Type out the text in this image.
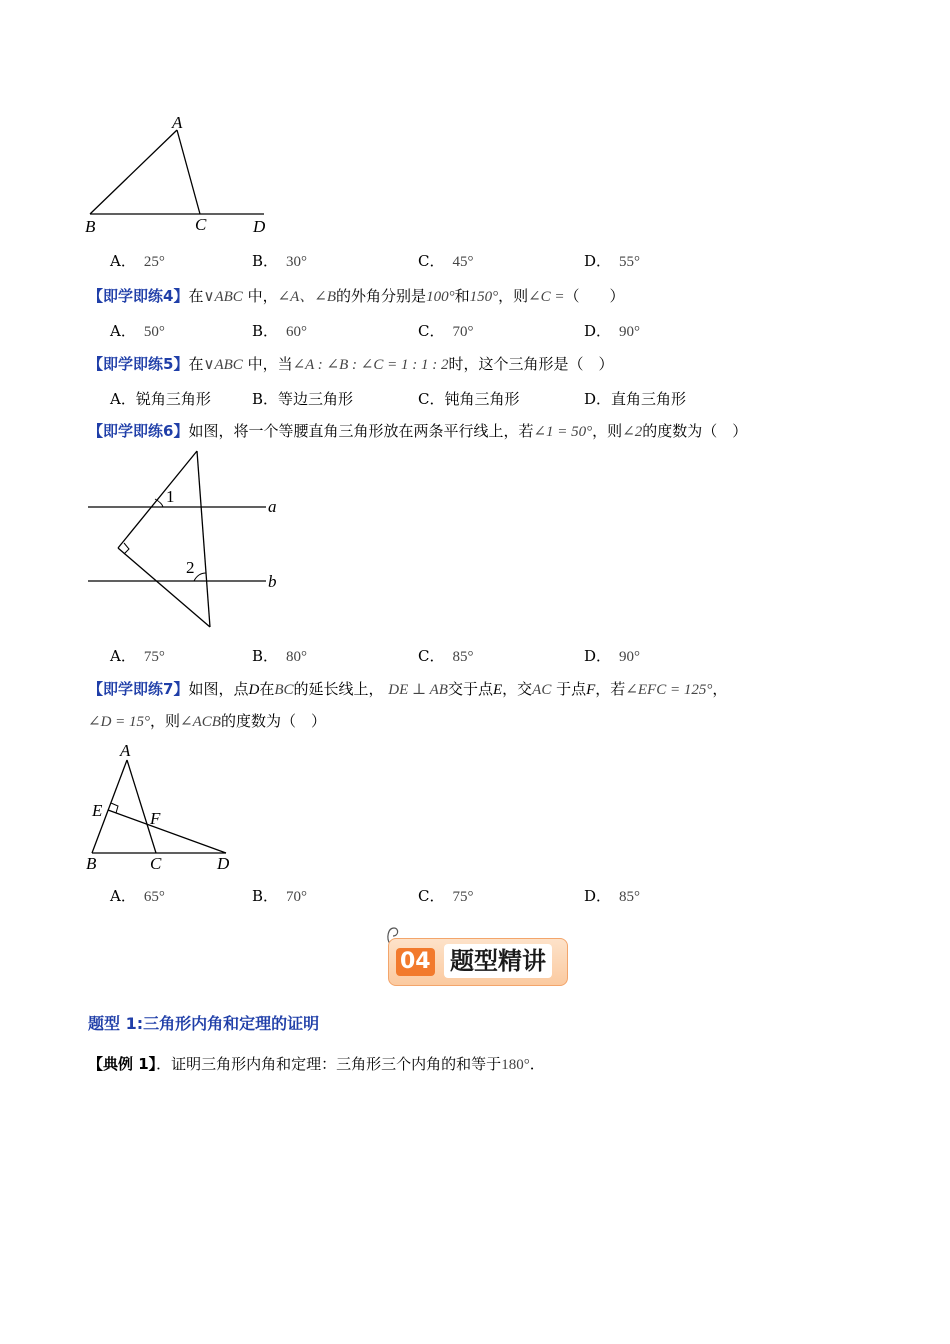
A
B	C	D
A． 25°	B． 30°	C． 45°	D． 55°
【即学即练4】在∨ABC 中，∠A、∠B的外角分别是100°和150°，则∠C =（　　）
A． 50°	B． 60°	C． 70°	D． 90°
【即学即练5】在∨ABC 中，当∠A : ∠B : ∠C = 1 : 1 : 2时，这个三角形是（　）
A．锐角三角形	B．等边三角形	C．钝角三角形	D．直角三角形
【即学即练6】如图，将一个等腰直角三角形放在两条平行线上，若∠1 = 50°，则∠2的度数为（　）
1
2
a
b
A． 75°	B． 80°	C． 85°	D． 90°
【即学即练7】如图，点D在BC的延长线上， DE ⊥ AB交于点E，交AC 于点F，若∠EFC = 125°，
∠D = 15°，则∠ACB的度数为（　）
A
B	C	D
E	F
A． 65°	B． 70°	C． 75°	D． 85°
04 题型精讲
题型 1:三角形内角和定理的证明
【典例 1】．证明三角形内角和定理：三角形三个内角的和等于180°．
